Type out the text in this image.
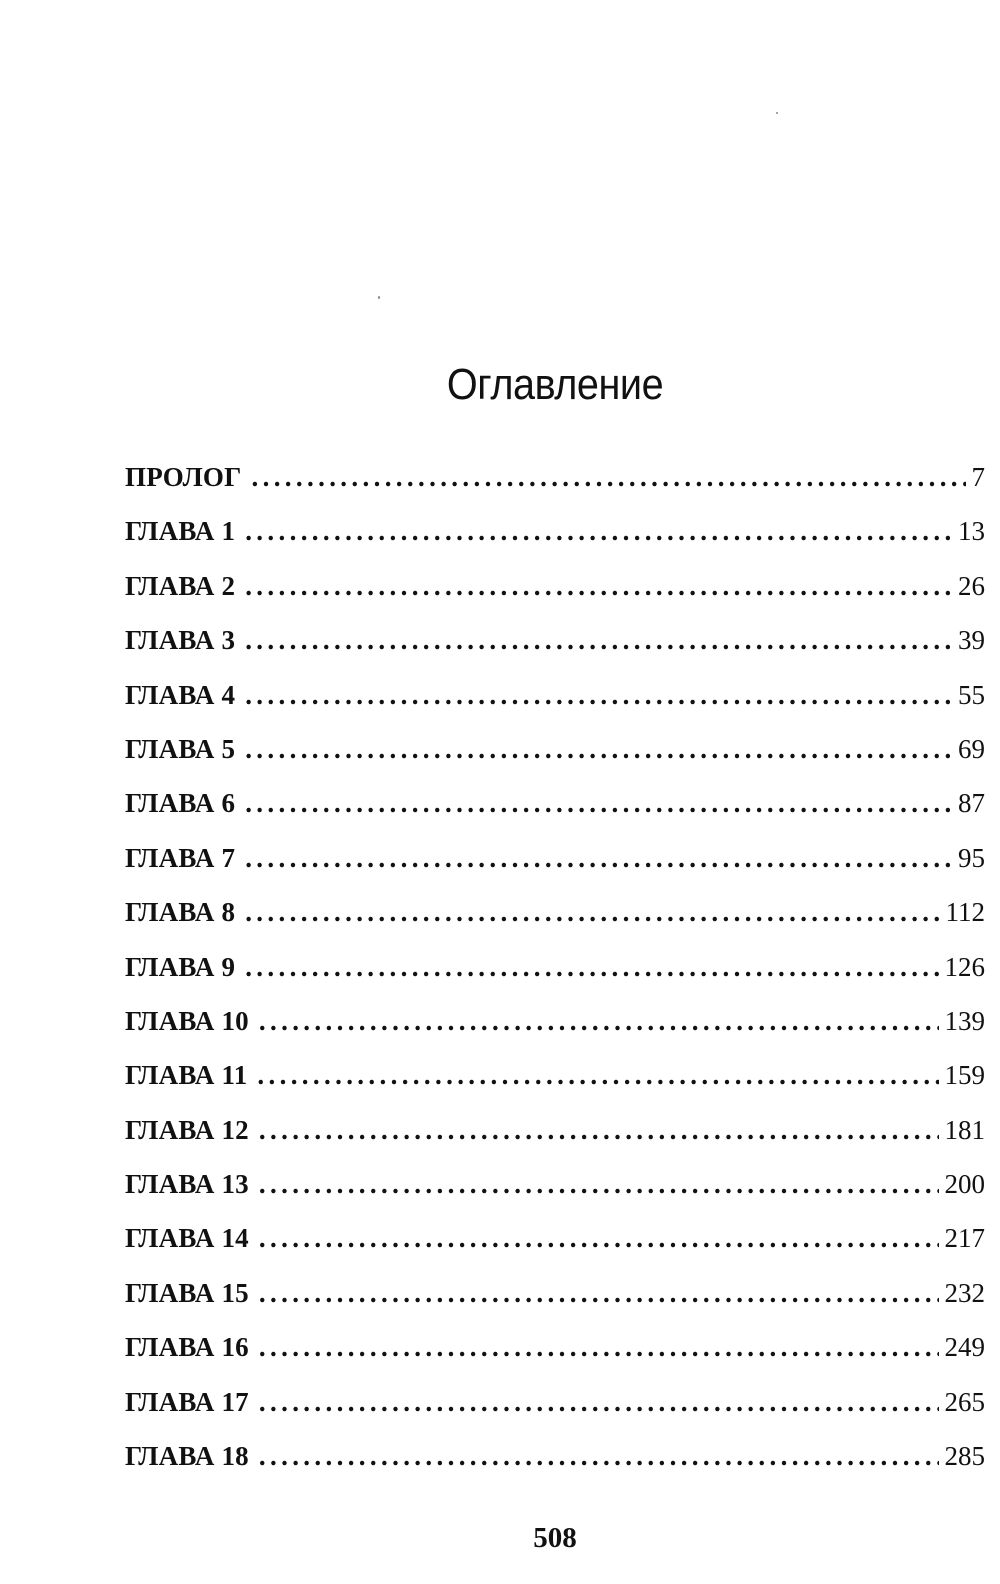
Оглавление
ПРОЛОГ . . .	7
ГЛАВА 1 . . .	13
ГЛАВА 2 . . .	26
ГЛАВА 3 . . .	39
ГЛАВА 4 . . .	55
ГЛАВА 5 . . .	69
ГЛАВА 6 . . .	87
ГЛАВА 7 . . .	95
ГЛАВА 8 . . .	112
ГЛАВА 9 . . .	126
ГЛАВА 10 . . .	139
ГЛАВА 11 . . .	159
ГЛАВА 12 . . .	181
ГЛАВА 13 . . .	200
ГЛАВА 14 . . .	217
ГЛАВА 15 . . .	232
ГЛАВА 16 . . .	249
ГЛАВА 17 . . .	265
ГЛАВА 18 . . .	285

508
